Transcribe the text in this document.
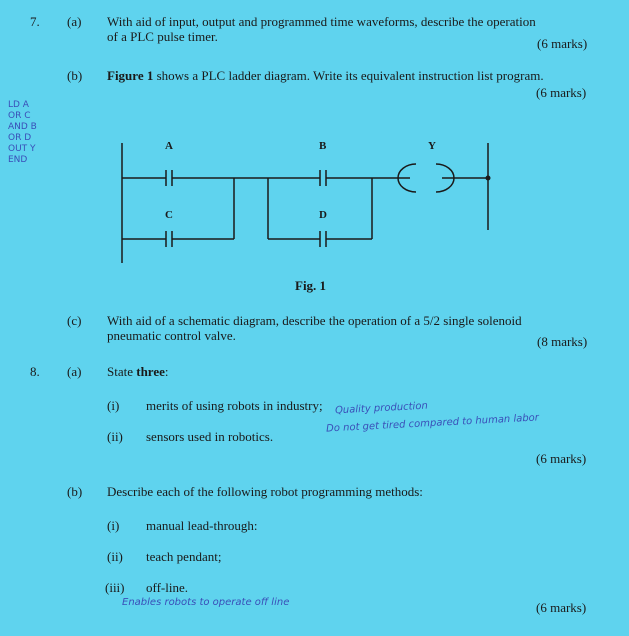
7. (a) With aid of input, output and programmed time waveforms, describe the operation
of a PLC pulse timer.	(6 marks)
(b) Figure 1 shows a PLC ladder diagram. Write its equivalent instruction list program.
(6 marks)
LD A
OR C
AND B
OR D
OUT Y
END
A	B	Y
C	D
Fig. 1
(c) With aid of a schematic diagram, describe the operation of a 5/2 single solenoid
pneumatic control valve.	(8 marks)
8. (a) State three:
(i) merits of using robots in industry; Quality production
(ii) sensors used in robotics.
Do not get tired compared to human labor
(6 marks)
(b) Describe each of the following robot programming methods:
(i) manual lead-through:
(ii) teach pendant;
(iii) off-line.
Enables robots to operate off line	(6 marks)
